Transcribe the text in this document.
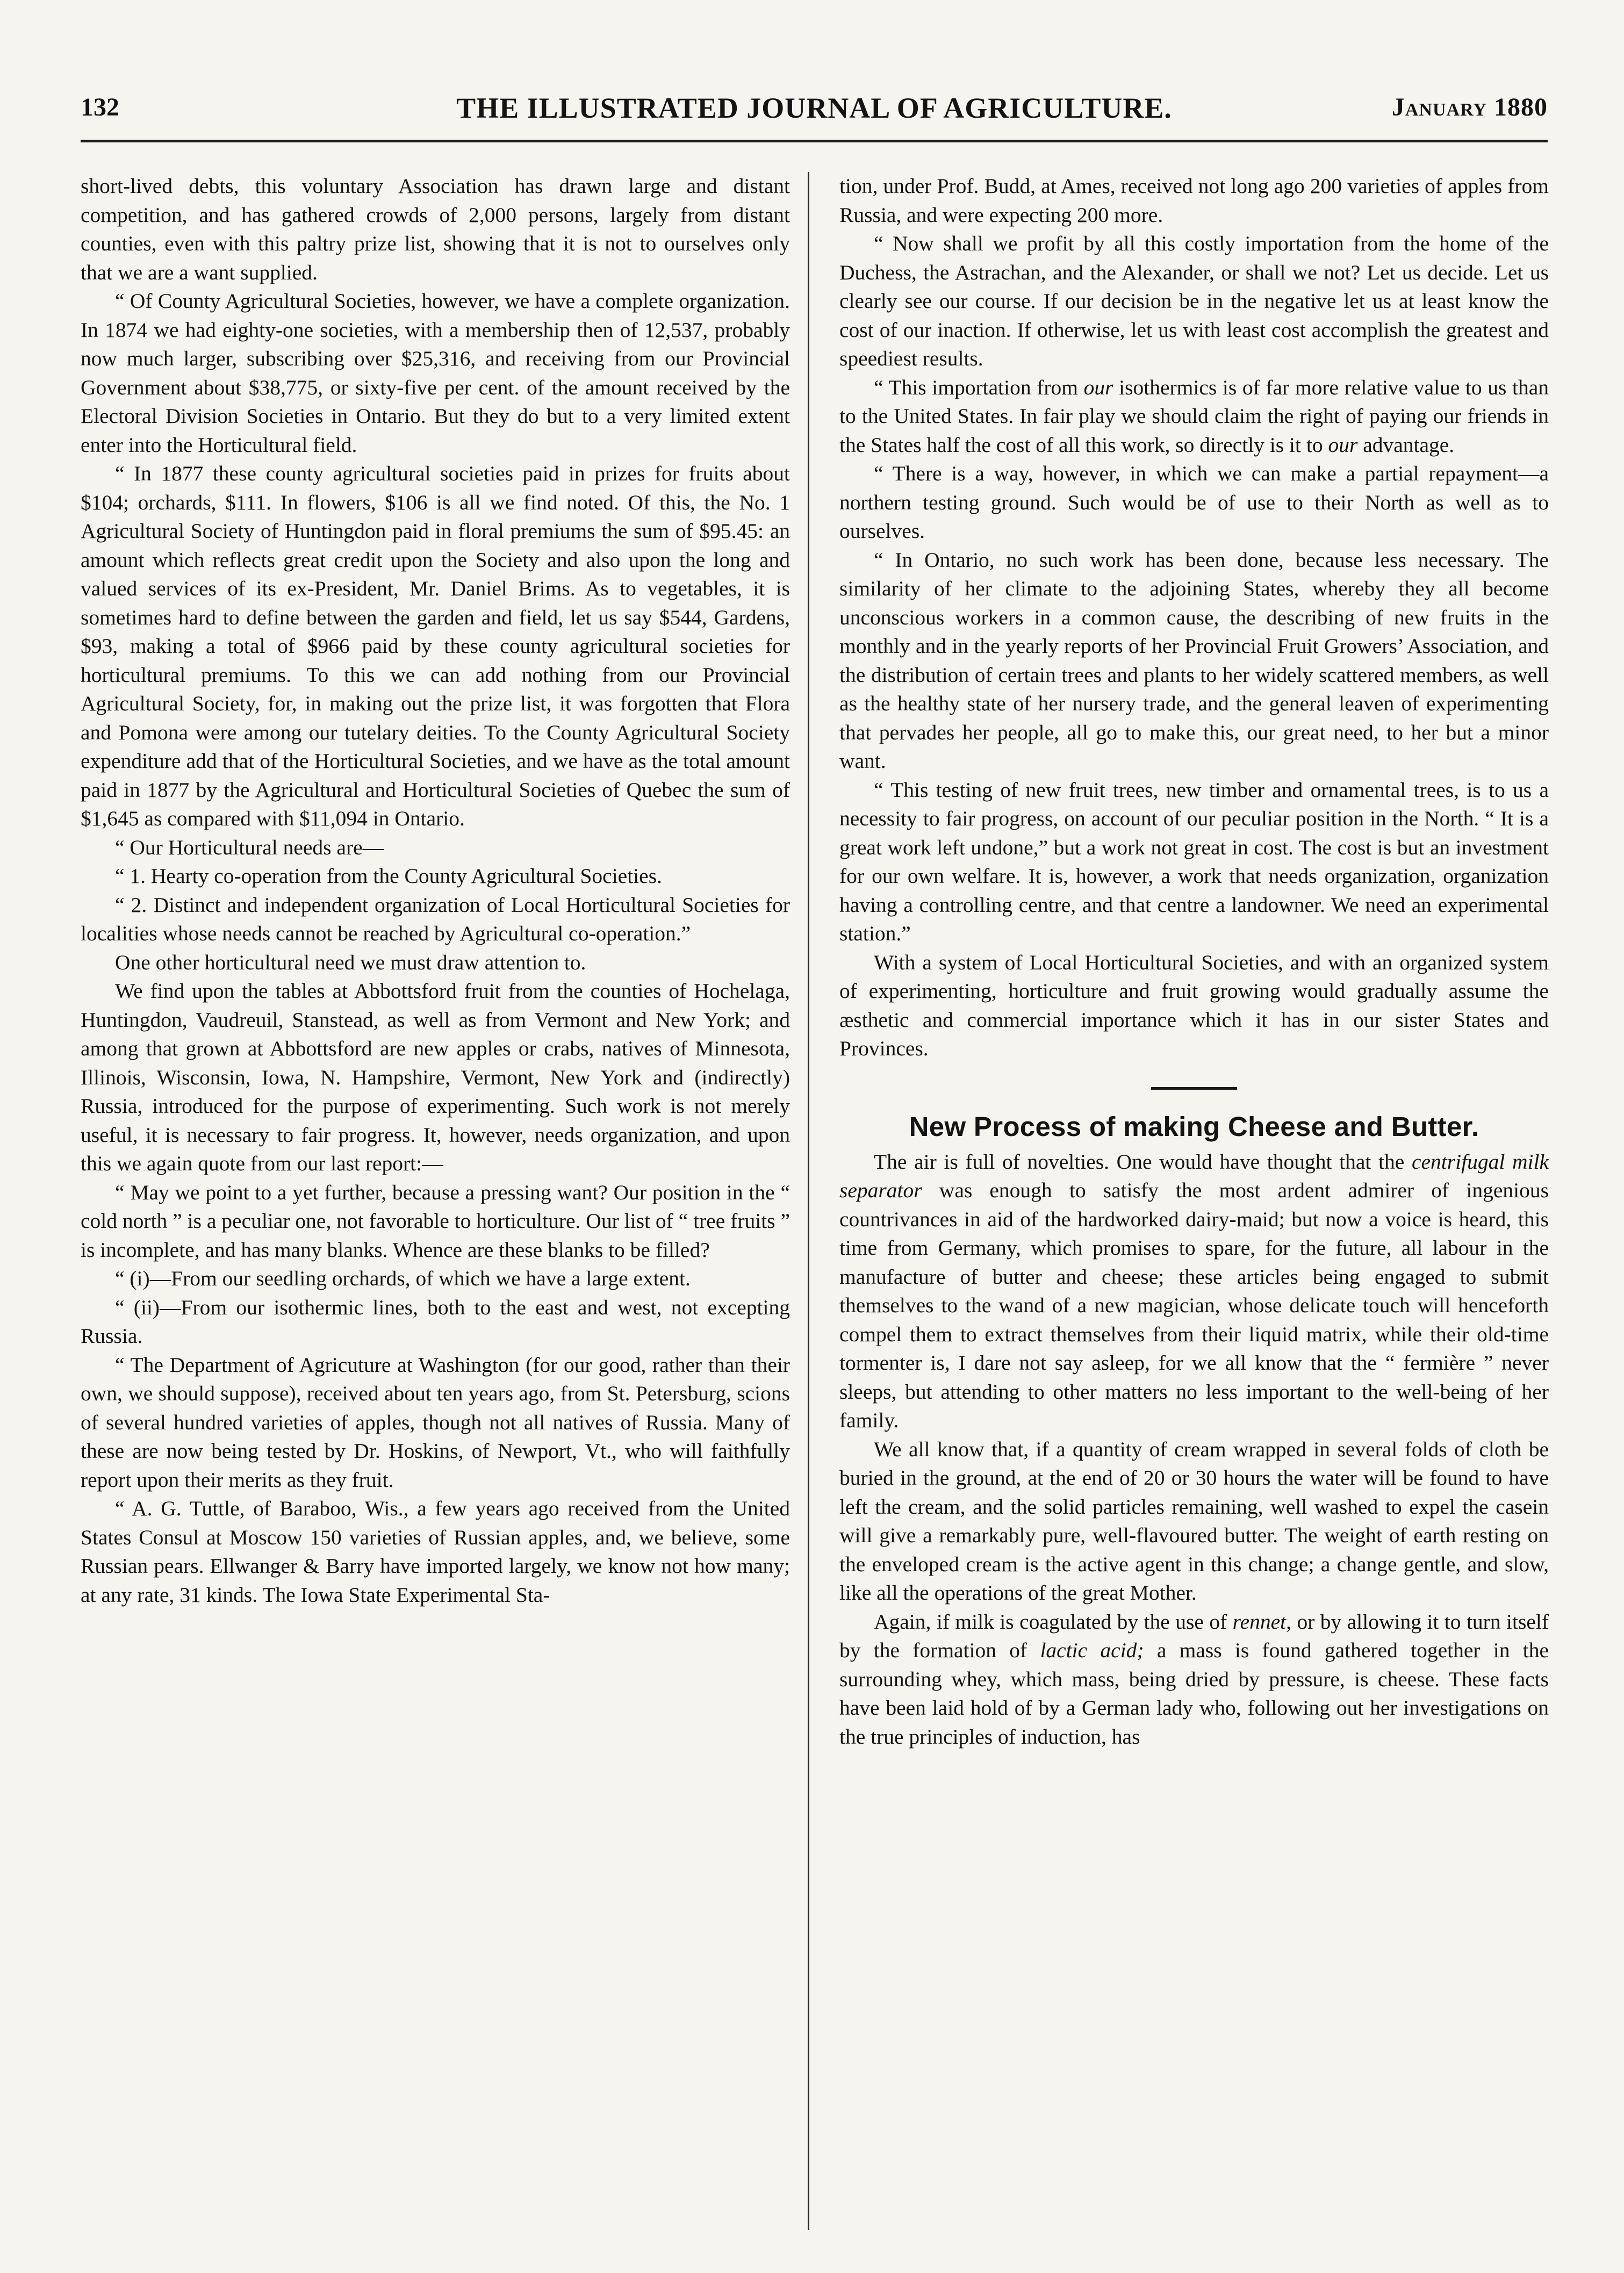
132	THE ILLUSTRATED JOURNAL OF AGRICULTURE.	January 1880

short-lived debts, this voluntary Association has drawn large and distant competition, and has gathered crowds of 2,000 persons, largely from distant counties, even with this paltry prize list, showing that it is not to ourselves only that we are a want supplied.

“ Of County Agricultural Societies, however, we have a complete organization. In 1874 we had eighty-one societies, with a membership then of 12,537, probably now much larger, subscribing over $25,316, and receiving from our Provincial Government about $38,775, or sixty-five per cent. of the amount received by the Electoral Division Societies in Ontario. But they do but to a very limited extent enter into the Horticultural field.

“ In 1877 these county agricultural societies paid in prizes for fruits about $104; orchards, $111. In flowers, $106 is all we find noted. Of this, the No. 1 Agricultural Society of Huntingdon paid in floral premiums the sum of $95.45: an amount which reflects great credit upon the Society and also upon the long and valued services of its ex-President, Mr. Daniel Brims. As to vegetables, it is sometimes hard to define between the garden and field, let us say $544, Gardens, $93, making a total of $966 paid by these county agricultural societies for horticultural premiums. To this we can add nothing from our Provincial Agricultural Society, for, in making out the prize list, it was forgotten that Flora and Pomona were among our tutelary deities. To the County Agricultural Society expenditure add that of the Horticultural Societies, and we have as the total amount paid in 1877 by the Agricultural and Horticultural Societies of Quebec the sum of $1,645 as compared with $11,094 in Ontario.

“ Our Horticultural needs are—

“ 1. Hearty co-operation from the County Agricultural Societies.

“ 2. Distinct and independent organization of Local Horticultural Societies for localities whose needs cannot be reached by Agricultural co-operation.”

One other horticultural need we must draw attention to.

We find upon the tables at Abbottsford fruit from the counties of Hochelaga, Huntingdon, Vaudreuil, Stanstead, as well as from Vermont and New York; and among that grown at Abbottsford are new apples or crabs, natives of Minnesota, Illinois, Wisconsin, Iowa, N. Hampshire, Vermont, New York and (indirectly) Russia, introduced for the purpose of experimenting. Such work is not merely useful, it is necessary to fair progress. It, however, needs organization, and upon this we again quote from our last report:—

“ May we point to a yet further, because a pressing want? Our position in the “ cold north ” is a peculiar one, not favorable to horticulture. Our list of “ tree fruits ” is incomplete, and has many blanks. Whence are these blanks to be filled?

“ (i)—From our seedling orchards, of which we have a large extent.

“ (ii)—From our isothermic lines, both to the east and west, not excepting Russia.

“ The Department of Agricuture at Washington (for our good, rather than their own, we should suppose), received about ten years ago, from St. Petersburg, scions of several hundred varieties of apples, though not all natives of Russia. Many of these are now being tested by Dr. Hoskins, of Newport, Vt., who will faithfully report upon their merits as they fruit.

“ A. G. Tuttle, of Baraboo, Wis., a few years ago received from the United States Consul at Moscow 150 varieties of Russian apples, and, we believe, some Russian pears. Ellwanger & Barry have imported largely, we know not how many; at any rate, 31 kinds. The Iowa State Experimental Sta-

tion, under Prof. Budd, at Ames, received not long ago 200 varieties of apples from Russia, and were expecting 200 more.

“ Now shall we profit by all this costly importation from the home of the Duchess, the Astrachan, and the Alexander, or shall we not? Let us decide. Let us clearly see our course. If our decision be in the negative let us at least know the cost of our inaction. If otherwise, let us with least cost accomplish the greatest and speediest results.

“ This importation from our isothermics is of far more relative value to us than to the United States. In fair play we should claim the right of paying our friends in the States half the cost of all this work, so directly is it to our advantage.

“ There is a way, however, in which we can make a partial repayment—a northern testing ground. Such would be of use to their North as well as to ourselves.

“ In Ontario, no such work has been done, because less necessary. The similarity of her climate to the adjoining States, whereby they all become unconscious workers in a common cause, the describing of new fruits in the monthly and in the yearly reports of her Provincial Fruit Growers’ Association, and the distribution of certain trees and plants to her widely scattered members, as well as the healthy state of her nursery trade, and the general leaven of experimenting that pervades her people, all go to make this, our great need, to her but a minor want.

“ This testing of new fruit trees, new timber and ornamental trees, is to us a necessity to fair progress, on account of our peculiar position in the North. “ It is a great work left undone,” but a work not great in cost. The cost is but an investment for our own welfare. It is, however, a work that needs organization, organization having a controlling centre, and that centre a landowner. We need an experimental station.”

With a system of Local Horticultural Societies, and with an organized system of experimenting, horticulture and fruit growing would gradually assume the æsthetic and commercial importance which it has in our sister States and Provinces.

New Process of making Cheese and Butter.

The air is full of novelties. One would have thought that the centrifugal milk separator was enough to satisfy the most ardent admirer of ingenious countrivances in aid of the hardworked dairy-maid; but now a voice is heard, this time from Germany, which promises to spare, for the future, all labour in the manufacture of butter and cheese; these articles being engaged to submit themselves to the wand of a new magician, whose delicate touch will henceforth compel them to extract themselves from their liquid matrix, while their old-time tormenter is, I dare not say asleep, for we all know that the “ fermière ” never sleeps, but attending to other matters no less important to the well-being of her family.

We all know that, if a quantity of cream wrapped in several folds of cloth be buried in the ground, at the end of 20 or 30 hours the water will be found to have left the cream, and the solid particles remaining, well washed to expel the casein will give a remarkably pure, well-flavoured butter. The weight of earth resting on the enveloped cream is the active agent in this change; a change gentle, and slow, like all the operations of the great Mother.

Again, if milk is coagulated by the use of rennet, or by allowing it to turn itself by the formation of lactic acid; a mass is found gathered together in the surrounding whey, which mass, being dried by pressure, is cheese. These facts have been laid hold of by a German lady who, following out her investigations on the true principles of induction, has
